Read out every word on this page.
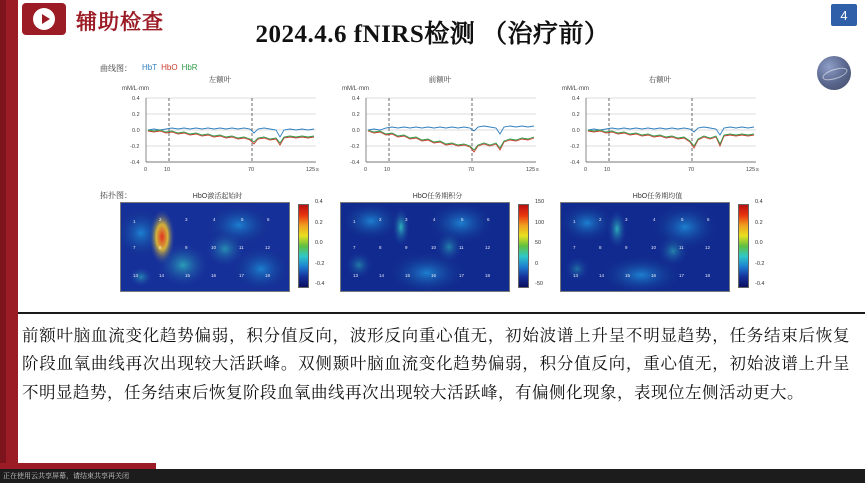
辅助检查	4
2024.4.6 fNIRS检测 （治疗前）
曲线图： HbT HbO HbR
左额叶
mM/L·mm
0.4
0.2
0.0
-0.2
-0.4
0	10	70	125 s
前额叶
mM/L·mm
0.4
0.2
0.0
-0.2
-0.4
0	10	70	125 s
右额叶
mM/L·mm
0.4
0.2
0.0
-0.2
-0.4
0	10	70	125 s
拓扑图：	HbO激活起始时
1	2	3	4	5	6
7	8	9	10	11	12
13	14	15	16	17	18
0.4
0.2
0.0
-0.2
-0.4
HbO任务期积分
1	2	3	4	5	6
7	8	9	10	11	12
13	14	15	16	17	18
150
100
50
0
-50
HbO任务期均值
1	2	3	4	5	6
7	8	9	10	11	12
13	14	15	16	17	18
0.4
0.2
0.0
-0.2
-0.4
前额叶脑血流变化趋势偏弱，积分值反向，波形反向重心值无，初始波谱上升呈不明显趋势，任务结束后恢复阶段血氧曲线再次出现较大活跃峰。双侧颞叶脑血流变化趋势偏弱，积分值反向，重心值无，初始波谱上升呈不明显趋势，任务结束后恢复阶段血氧曲线再次出现较大活跃峰，有偏侧化现象，表现位左侧活动更大。
正在使用云共享屏幕，请结束共享再关闭
